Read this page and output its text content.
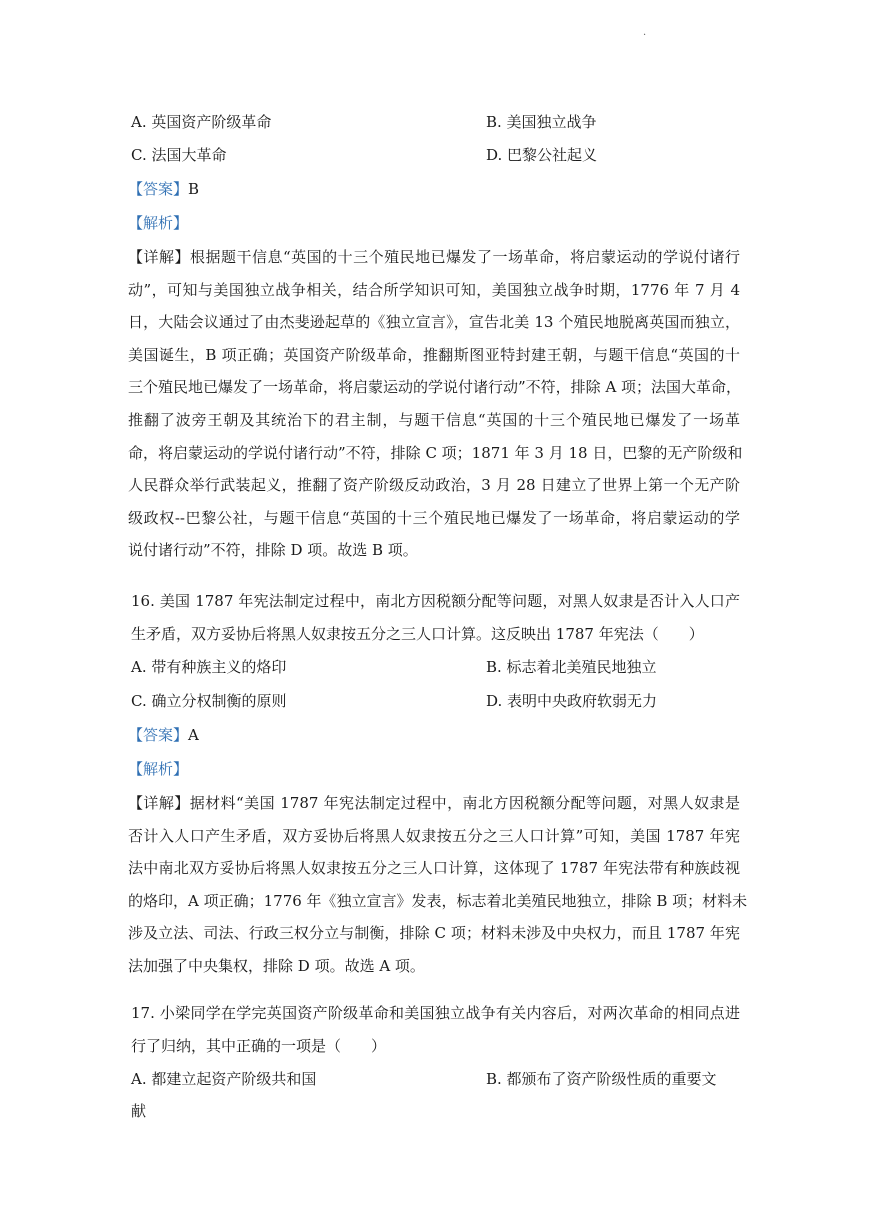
·
A. 英国资产阶级革命	B. 美国独立战争
C. 法国大革命	D. 巴黎公社起义
【答案】B
【解析】
【详解】根据题干信息“英国的十三个殖民地已爆发了一场革命，将启蒙运动的学说付诸行
动”，可知与美国独立战争相关，结合所学知识可知，美国独立战争时期，1776 年 7 月 4
日，大陆会议通过了由杰斐逊起草的《独立宣言》，宣告北美 13 个殖民地脱离英国而独立，
美国诞生，B 项正确；英国资产阶级革命，推翻斯图亚特封建王朝，与题干信息“英国的十
三个殖民地已爆发了一场革命，将启蒙运动的学说付诸行动”不符，排除 A 项；法国大革命，
推翻了波旁王朝及其统治下的君主制，与题干信息“英国的十三个殖民地已爆发了一场革
命，将启蒙运动的学说付诸行动”不符，排除 C 项；1871 年 3 月 18 日，巴黎的无产阶级和
人民群众举行武装起义，推翻了资产阶级反动政治，3 月 28 日建立了世界上第一个无产阶
级政权--巴黎公社，与题干信息“英国的十三个殖民地已爆发了一场革命，将启蒙运动的学
说付诸行动”不符，排除 D 项。故选 B 项。
16. 美国 1787 年宪法制定过程中，南北方因税额分配等问题，对黑人奴隶是否计入人口产
生矛盾，双方妥协后将黑人奴隶按五分之三人口计算。这反映出 1787 年宪法（　　）
A. 带有种族主义的烙印	B. 标志着北美殖民地独立
C. 确立分权制衡的原则	D. 表明中央政府软弱无力
【答案】A
【解析】
【详解】据材料“美国 1787 年宪法制定过程中，南北方因税额分配等问题，对黑人奴隶是
否计入人口产生矛盾，双方妥协后将黑人奴隶按五分之三人口计算”可知，美国 1787 年宪
法中南北双方妥协后将黑人奴隶按五分之三人口计算，这体现了 1787 年宪法带有种族歧视
的烙印，A 项正确；1776 年《独立宣言》发表，标志着北美殖民地独立，排除 B 项；材料未
涉及立法、司法、行政三权分立与制衡，排除 C 项；材料未涉及中央权力，而且 1787 年宪
法加强了中央集权，排除 D 项。故选 A 项。
17. 小梁同学在学完英国资产阶级革命和美国独立战争有关内容后，对两次革命的相同点进
行了归纳，其中正确的一项是（　　）
A. 都建立起资产阶级共和国	B. 都颁布了资产阶级性质的重要文
献
